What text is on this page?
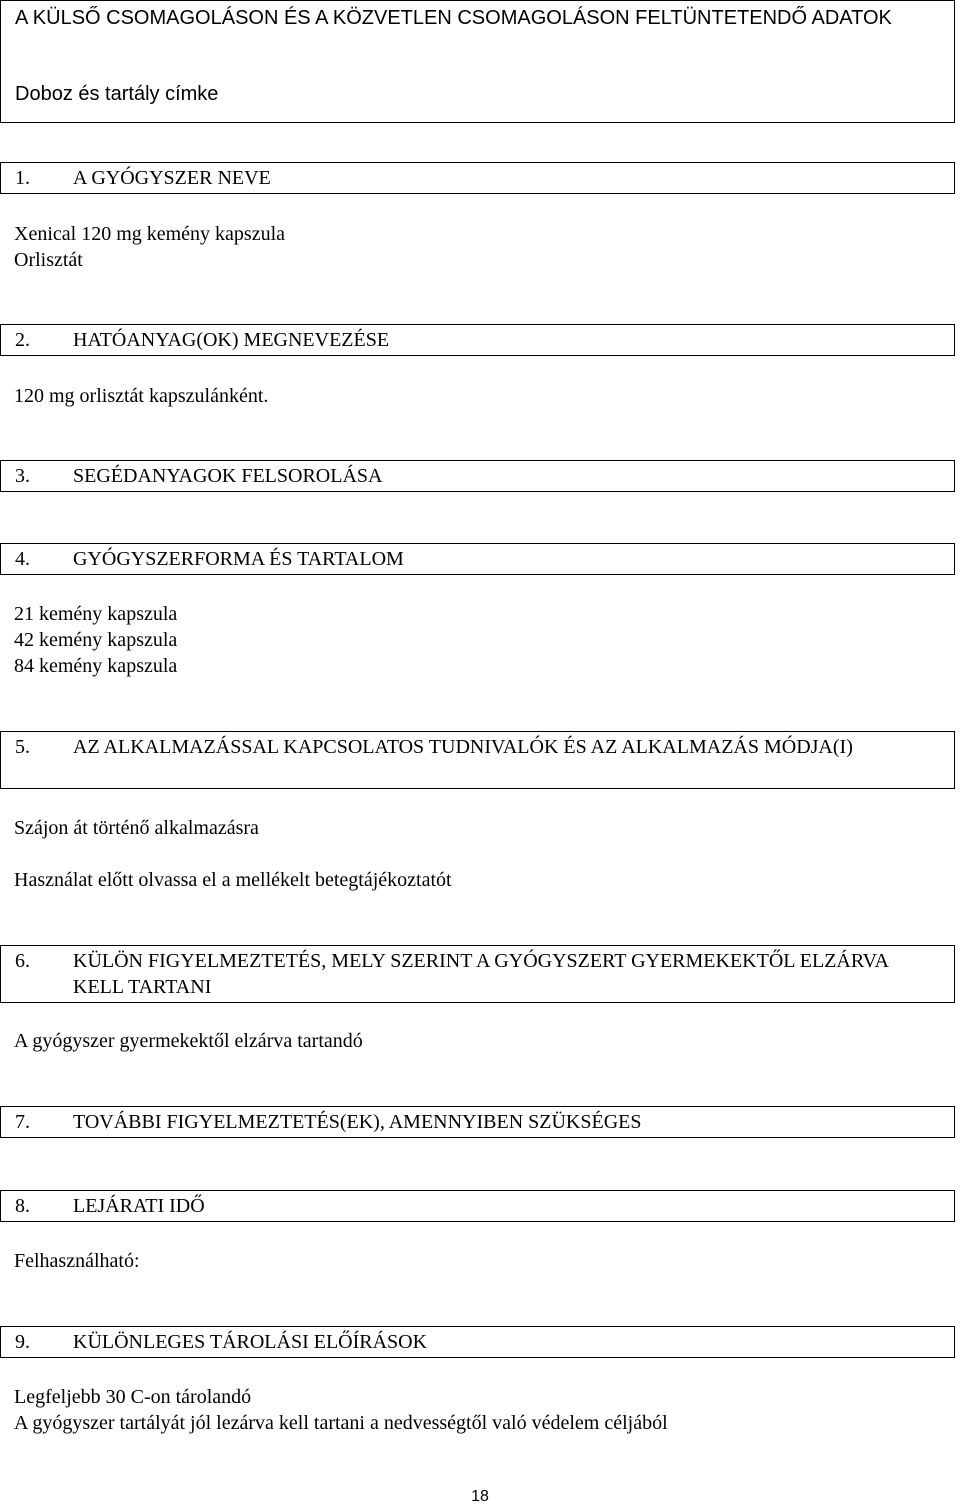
A KÜLSŐ CSOMAGOLÁSON ÉS A KÖZVETLEN CSOMAGOLÁSON FELTÜNTETENDŐ ADATOK
Doboz és tartály címke
1. A GYÓGYSZER NEVE
Xenical 120 mg kemény kapszula
Orlisztát
2. HATÓANYAG(OK) MEGNEVEZÉSE
120 mg orlisztát kapszulánként.
3. SEGÉDANYAGOK FELSOROLÁSA
4. GYÓGYSZERFORMA ÉS TARTALOM
21 kemény kapszula
42 kemény kapszula
84 kemény kapszula
5. AZ ALKALMAZÁSSAL KAPCSOLATOS TUDNIVALÓK ÉS AZ ALKALMAZÁS MÓDJA(I)
Szájon át történő alkalmazásra
Használat előtt olvassa el a mellékelt betegtájékoztatót
6. KÜLÖN FIGYELMEZTETÉS, MELY SZERINT A GYÓGYSZERT GYERMEKEKTŐL ELZÁRVA KELL TARTANI
A gyógyszer gyermekektől elzárva tartandó
7. TOVÁBBI FIGYELMEZTETÉS(EK), AMENNYIBEN SZÜKSÉGES
8. LEJÁRATI IDŐ
Felhasználható:
9. KÜLÖNLEGES TÁROLÁSI ELŐÍRÁSOK
Legfeljebb 30 C-on tárolandó
A gyógyszer tartályát jól lezárva kell tartani a nedvességtől való védelem céljából
18
